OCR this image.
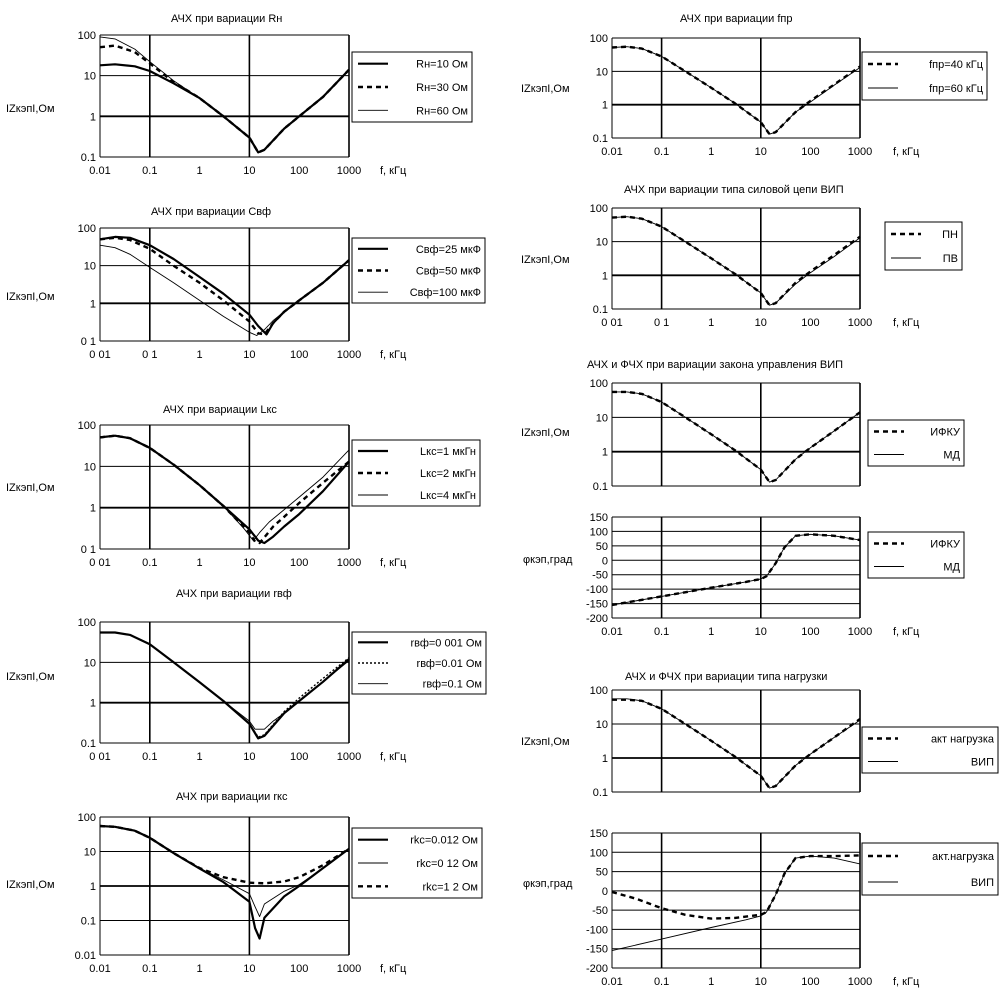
АЧХ при вариации Rн
IZкэпI,Ом
f, кГц
100
10
1
0.1
0.01	0.1	1	10	100	1000
Rн=10 Ом
Rн=30 Ом
Rн=60 Ом
АЧХ при вариации Cвф
IZкэпI,Ом
f, кГц
100
10
1
0 1
0 01	0 1	1	10	100	1000
Cвф=25 мкФ
Cвф=50 мкФ
Cвф=100 мкФ
АЧХ при вариации Lкс
IZкэпI,Ом
f, кГц
100
10
1
0 1
0 01	0.1	1	10	100	1000
Lкс=1 мкГн
Lкс=2 мкГн
Lкс=4 мкГн
АЧХ при вариации rвф
IZкэпI,Ом
f, кГц
100
10
1
0.1
0 01	0.1	1	10	100	1000
rвф=0 001 Ом
rвф=0.01 Ом
rвф=0.1 Ом
АЧХ при вариации rкс
IZкэпI,Ом
f, кГц
100
10
1
0.1
0.01
0.01	0.1	1	10	100	1000
rkc=0.012 Ом
rkc=0 12 Ом
rkc=1 2 Ом
АЧХ при вариации fпр
IZкэпI,Ом
f, кГц
100
10
1
0.1
0.01	0.1	1	10	100	1000
fпр=40 кГц
fпр=60 кГц
АЧХ при вариации типа силовой цепи ВИП
IZкэпI,Ом
f, кГц
100
10
1
0.1
0 01	0 1	1	10	100	1000
ПН
ПВ
АЧХ и ФЧХ при вариации закона управления ВИП
IZкэпI,Ом
100
10
1
0.1
ИФКУ
МД
φкэп,град
f, кГц
150
100
50
0
-50
-100
-150
-200
0.01	0.1	1	10	100	1000
ИФКУ
МД
АЧХ и ФЧХ при вариации типа нагрузки
IZкэпI,Ом
100
10
1
0.1
акт нагрузка
ВИП
φкэп,град
f, кГц
150
100
50
0
-50
-100
-150
-200
0.01	0.1	1	10	100	1000
акт.нагрузка
ВИП
